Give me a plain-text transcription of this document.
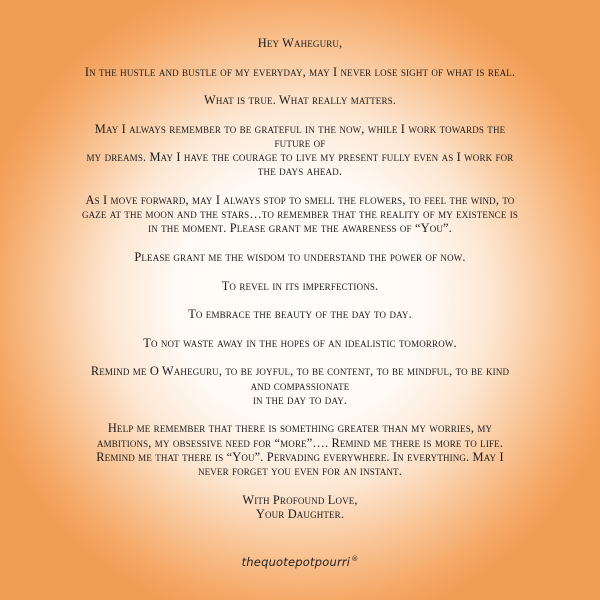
Hey Waheguru,

In the hustle and bustle of my everyday, may I never lose sight of what is real.

What is true. What really matters.

May I always remember to be grateful in the now, while I work towards the
future of
my dreams. May I have the courage to live my present fully even as I work for
the days ahead.

As I move forward, may I always stop to smell the flowers, to feel the wind, to
gaze at the moon and the stars…to remember that the reality of my existence is
in the moment. Please grant me the awareness of “You”.

Please grant me the wisdom to understand the power of now.

To revel in its imperfections.

To embrace the beauty of the day to day.

To not waste away in the hopes of an idealistic tomorrow.

Remind me O Waheguru, to be joyful, to be content, to be mindful, to be kind
and compassionate
in the day to day.

Help me remember that there is something greater than my worries, my
ambitions, my obsessive need for “more”…. Remind me there is more to life.
Remind me that there is “You”. Pervading everywhere. In everything. May I
never forget you even for an instant.

With Profound Love,
Your Daughter.

thequotepotpourri®
